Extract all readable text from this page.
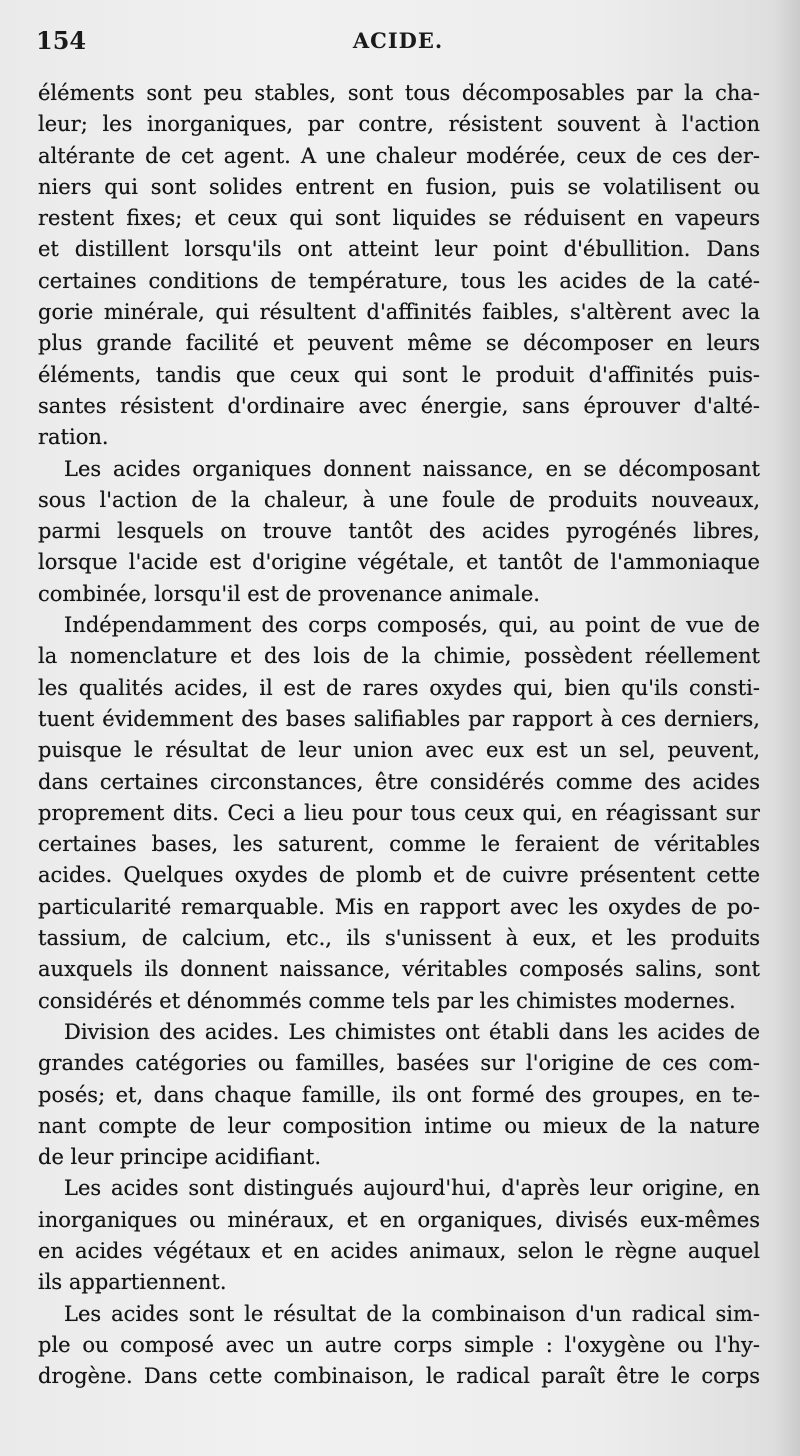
154	ACIDE.
éléments sont peu stables, sont tous décomposables par la cha-
leur; les inorganiques, par contre, résistent souvent à l'action
altérante de cet agent. A une chaleur modérée, ceux de ces der-
niers qui sont solides entrent en fusion, puis se volatilisent ou
restent fixes; et ceux qui sont liquides se réduisent en vapeurs
et distillent lorsqu'ils ont atteint leur point d'ébullition. Dans
certaines conditions de température, tous les acides de la caté-
gorie minérale, qui résultent d'affinités faibles, s'altèrent avec la
plus grande facilité et peuvent même se décomposer en leurs
éléments, tandis que ceux qui sont le produit d'affinités puis-
santes résistent d'ordinaire avec énergie, sans éprouver d'alté-
ration.
Les acides organiques donnent naissance, en se décomposant
sous l'action de la chaleur, à une foule de produits nouveaux,
parmi lesquels on trouve tantôt des acides pyrogénés libres,
lorsque l'acide est d'origine végétale, et tantôt de l'ammoniaque
combinée, lorsqu'il est de provenance animale.
Indépendamment des corps composés, qui, au point de vue de
la nomenclature et des lois de la chimie, possèdent réellement
les qualités acides, il est de rares oxydes qui, bien qu'ils consti-
tuent évidemment des bases salifiables par rapport à ces derniers,
puisque le résultat de leur union avec eux est un sel, peuvent,
dans certaines circonstances, être considérés comme des acides
proprement dits. Ceci a lieu pour tous ceux qui, en réagissant sur
certaines bases, les saturent, comme le feraient de véritables
acides. Quelques oxydes de plomb et de cuivre présentent cette
particularité remarquable. Mis en rapport avec les oxydes de po-
tassium, de calcium, etc., ils s'unissent à eux, et les produits
auxquels ils donnent naissance, véritables composés salins, sont
considérés et dénommés comme tels par les chimistes modernes.
Division des acides. Les chimistes ont établi dans les acides de
grandes catégories ou familles, basées sur l'origine de ces com-
posés; et, dans chaque famille, ils ont formé des groupes, en te-
nant compte de leur composition intime ou mieux de la nature
de leur principe acidifiant.
Les acides sont distingués aujourd'hui, d'après leur origine, en
inorganiques ou minéraux, et en organiques, divisés eux-mêmes
en acides végétaux et en acides animaux, selon le règne auquel
ils appartiennent.
Les acides sont le résultat de la combinaison d'un radical sim-
ple ou composé avec un autre corps simple : l'oxygène ou l'hy-
drogène. Dans cette combinaison, le radical paraît être le corps
